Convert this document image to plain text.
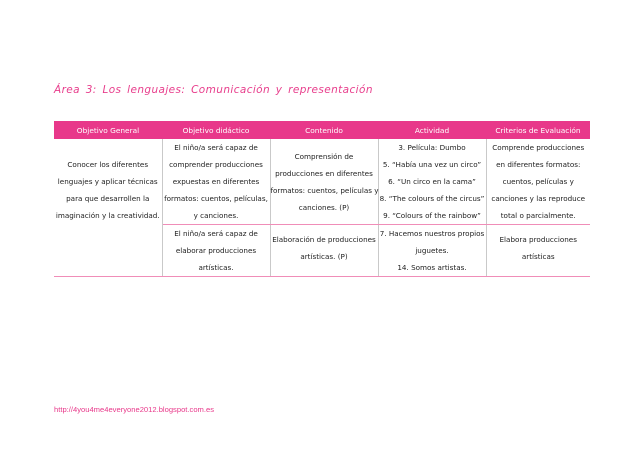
Área 3: Los lenguajes: Comunicación y representación
Objetivo General	Objetivo didáctico	Contenido	Actividad	Criterios de Evaluación

Conocer los diferentes
lenguajes y aplicar técnicas
para que desarrollen la
imaginación y la creatividad.	El niño/a será capaz de
comprender producciones
expuestas en diferentes
formatos: cuentos, películas,
y canciones.	Comprensión de
producciones en diferentes
formatos: cuentos, películas y
canciones. (P)	3. Película: Dumbo
5. “Había una vez un circo”
6. “Un circo en la cama”
8. “The colours of the circus”
9. “Colours of the rainbow”	Comprende producciones
en diferentes formatos:
cuentos, películas y
canciones y las reproduce
total o parcialmente.

	El niño/a será capaz de
elaborar producciones
artísticas.	Elaboración de producciones
artísticas. (P)	7. Hacemos nuestros propios
juguetes.
14. Somos artistas.	Elabora producciones
artísticas
http://4you4me4everyone2012.blogspot.com.es
